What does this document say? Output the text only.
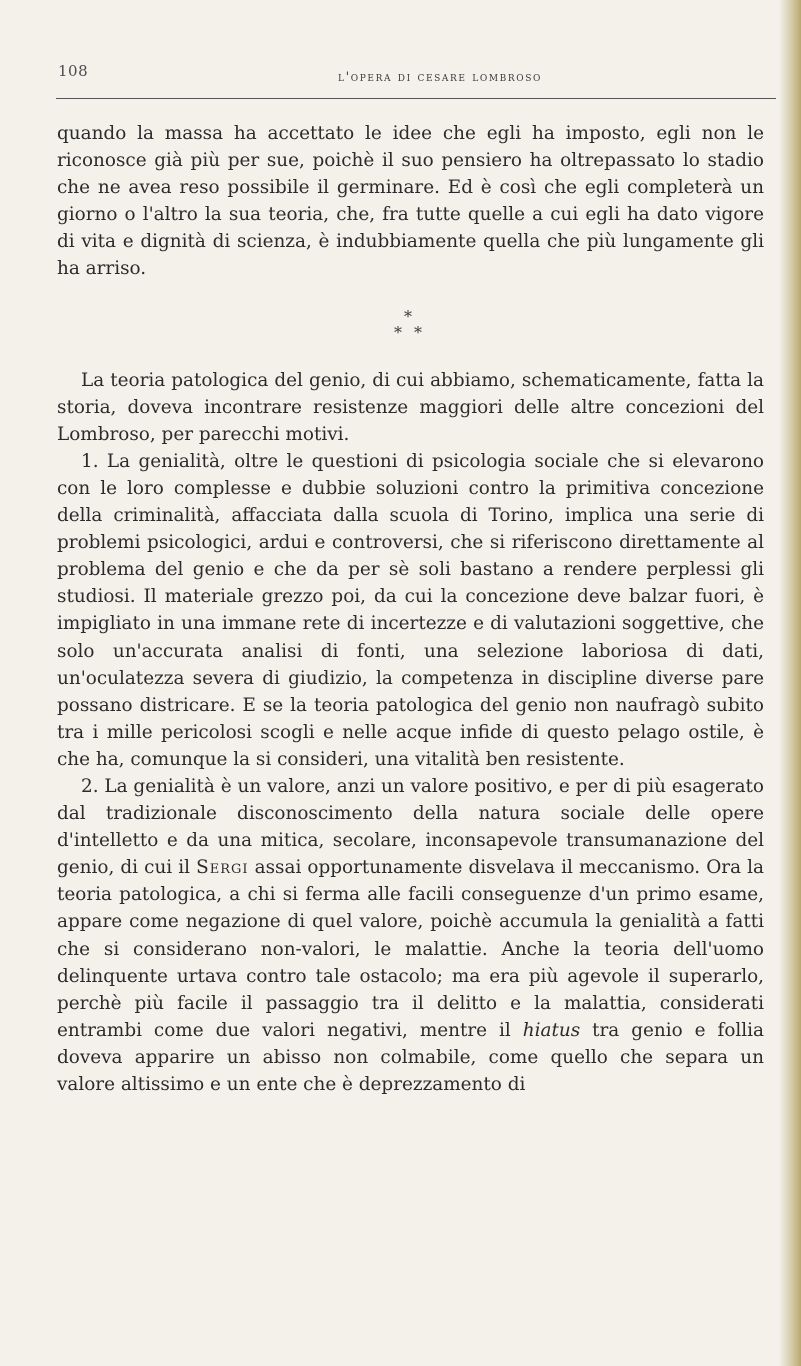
108	l'opera di cesare lombroso

quando la massa ha accettato le idee che egli ha imposto, egli non le riconosce già più per sue, poichè il suo pensiero ha oltrepassato lo stadio che ne avea reso possibile il germinare. Ed è così che egli completerà un giorno o l'altro la sua teoria, che, fra tutte quelle a cui egli ha dato vigore di vita e dignità di scienza, è indubbiamente quella che più lungamente gli ha arriso.

*
* *

La teoria patologica del genio, di cui abbiamo, schematicamente, fatta la storia, doveva incontrare resistenze maggiori delle altre concezioni del Lombroso, per parecchi motivi.

1. La genialità, oltre le questioni di psicologia sociale che si elevarono con le loro complesse e dubbie soluzioni contro la primitiva concezione della criminalità, affacciata dalla scuola di Torino, implica una serie di problemi psicologici, ardui e controversi, che si riferiscono direttamente al problema del genio e che da per sè soli bastano a rendere perplessi gli studiosi. Il materiale grezzo poi, da cui la concezione deve balzar fuori, è impigliato in una immane rete di incertezze e di valutazioni soggettive, che solo un'accurata analisi di fonti, una selezione laboriosa di dati, un'oculatezza severa di giudizio, la competenza in discipline diverse pare possano districare. E se la teoria patologica del genio non naufragò subito tra i mille pericolosi scogli e nelle acque infide di questo pelago ostile, è che ha, comunque la si consideri, una vitalità ben resistente.

2. La genialità è un valore, anzi un valore positivo, e per di più esagerato dal tradizionale disconoscimento della natura sociale delle opere d'intelletto e da una mitica, secolare, inconsapevole transumanazione del genio, di cui il Sergi assai opportunamente disvelava il meccanismo. Ora la teoria patologica, a chi si ferma alle facili conseguenze d'un primo esame, appare come negazione di quel valore, poichè accumula la genialità a fatti che si considerano non-valori, le malattie. Anche la teoria dell'uomo delinquente urtava contro tale ostacolo; ma era più agevole il superarlo, perchè più facile il passaggio tra il delitto e la malattia, considerati entrambi come due valori negativi, mentre il hiatus tra genio e follia doveva apparire un abisso non colmabile, come quello che separa un valore altissimo e un ente che è deprezzamento di
